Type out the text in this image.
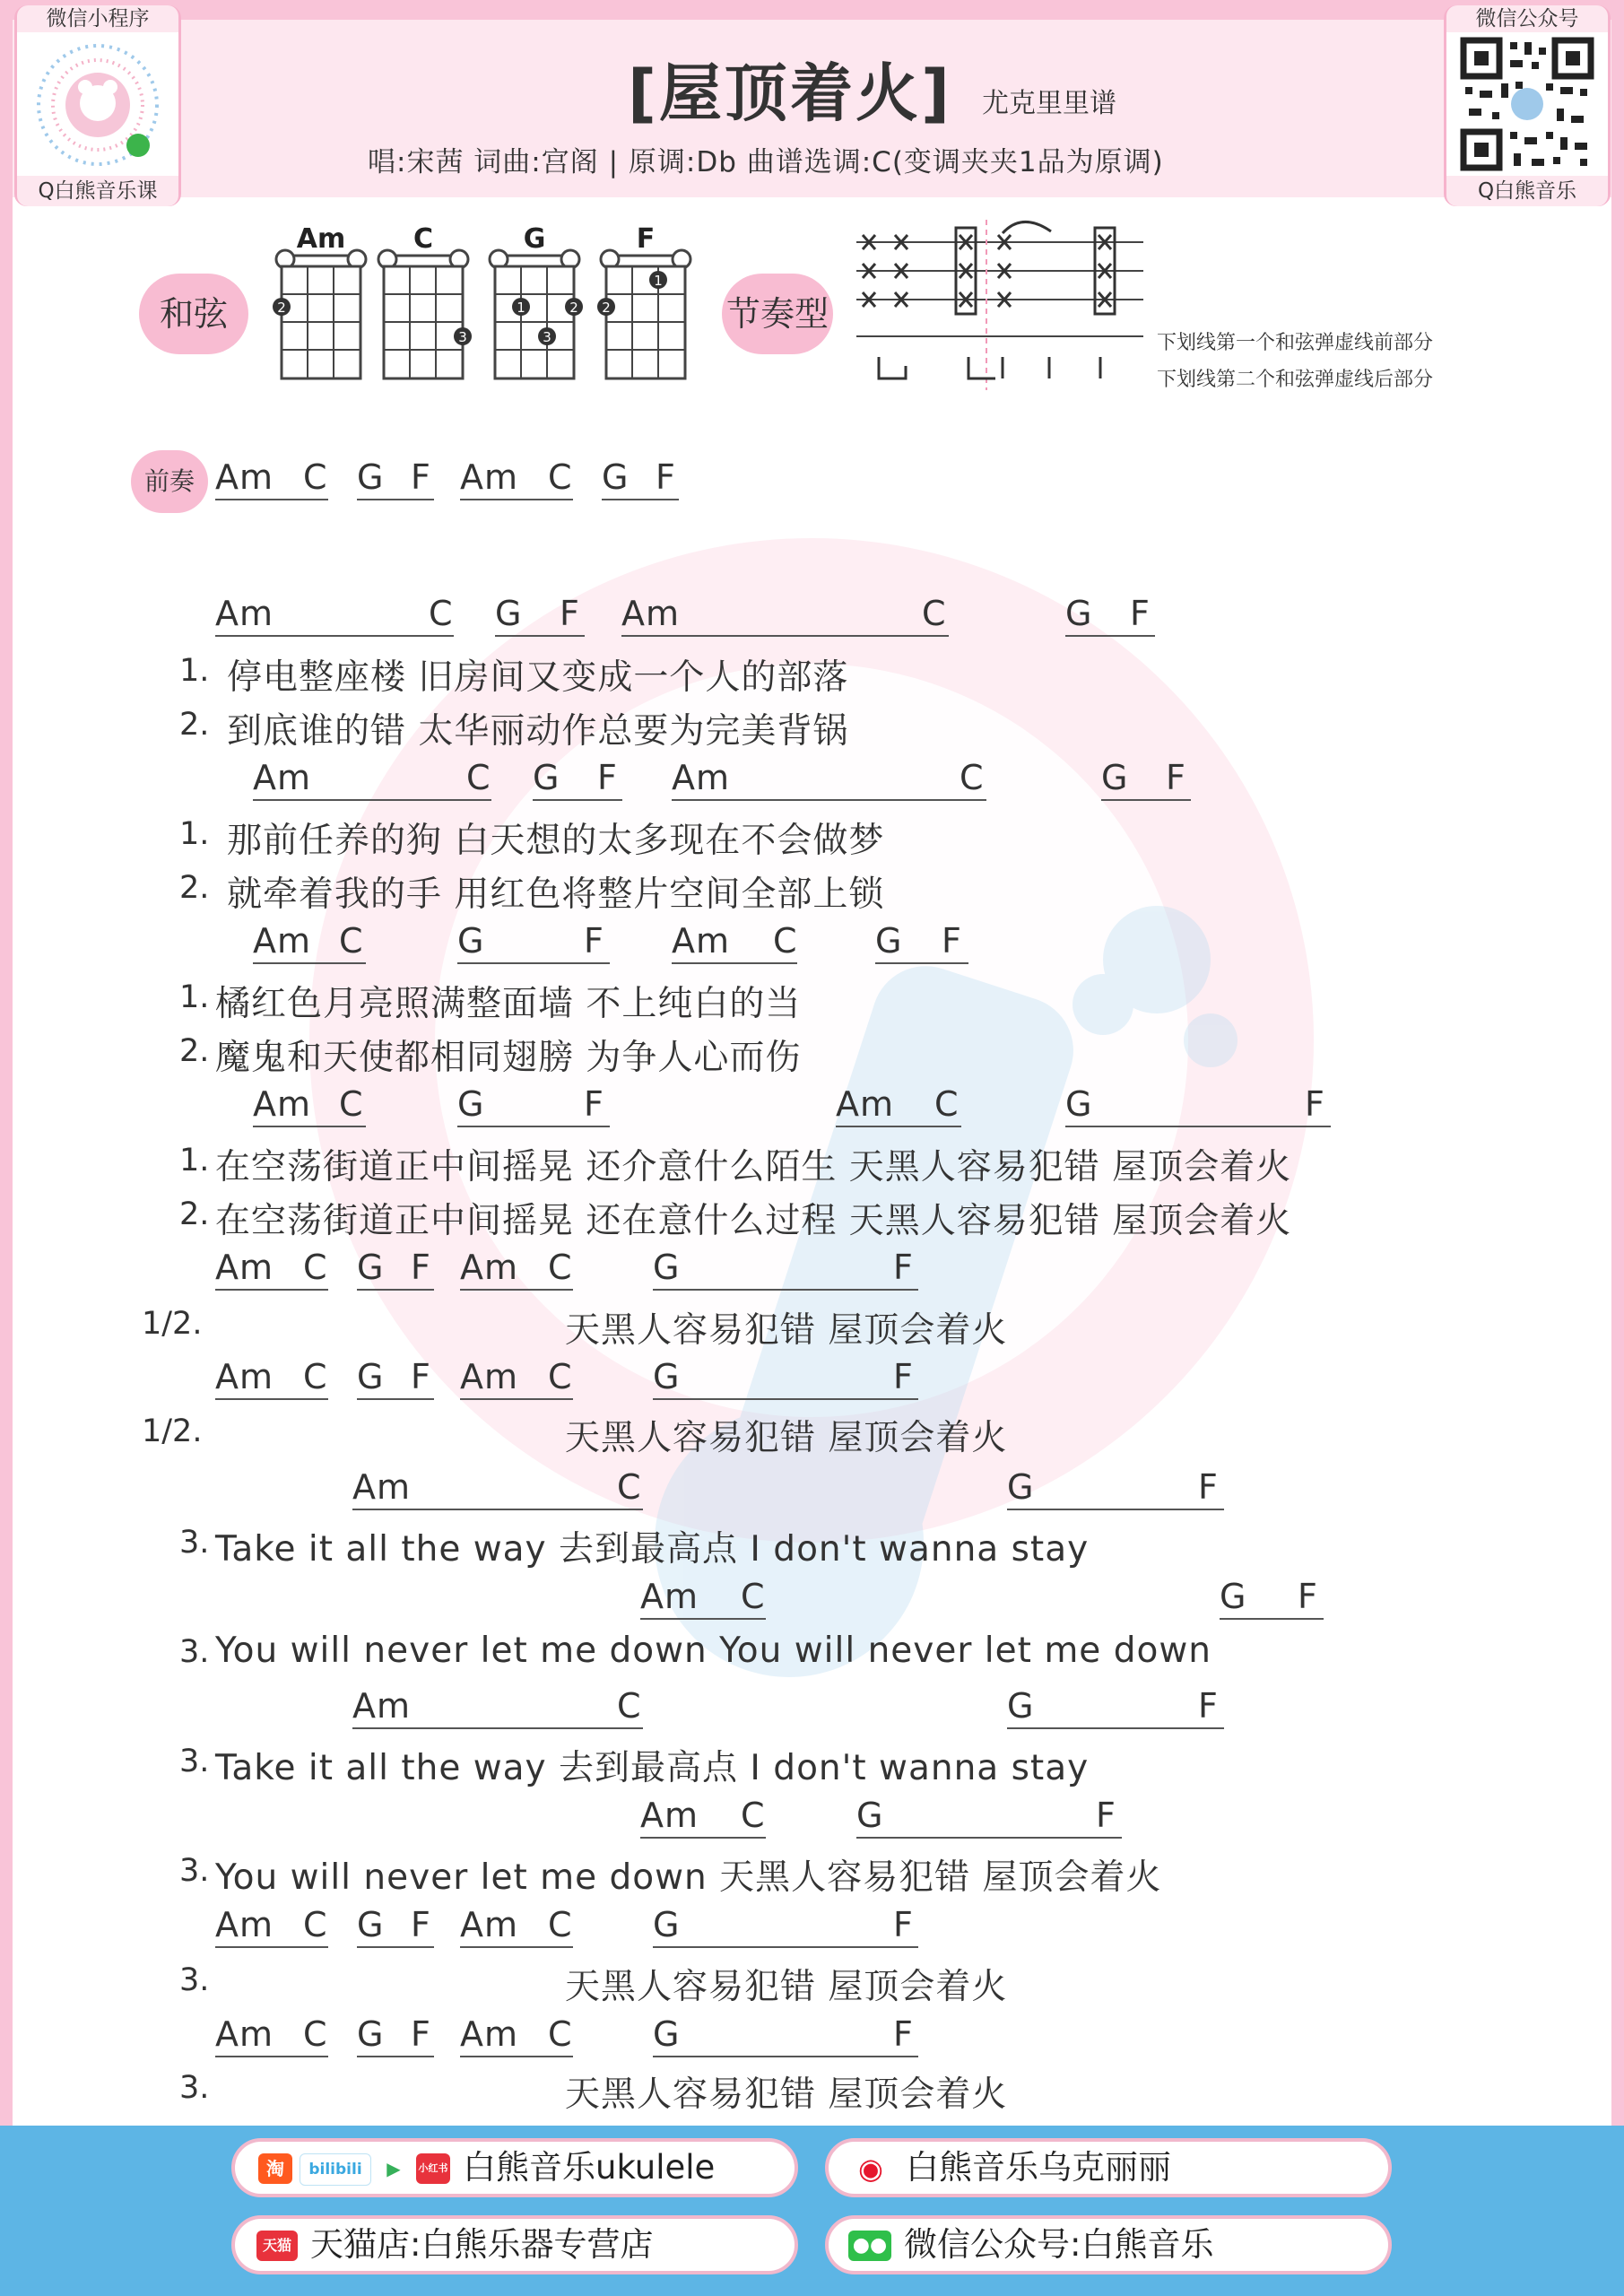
微信小程序
Q白熊音乐课
微信公众号
Q白熊音乐
[屋顶着火] 尤克里里谱
唱:宋茜 词曲:宫阁 | 原调:Db 曲谱选调:C(变调夹夹1品为原调)
和弦
Am
2
C
3
G
1	2
3
F
1
2	节奏型
下划线第一个和弦弹虚线前部分
下划线第二个和弦弹虚线后部分
前奏 Am C G F Am C G F
Am	C G F Am	C	G F
1. 停电整座楼 旧房间又变成一个人的部落
2. 到底谁的错 太华丽动作总要为完美背锅
Am	C G F Am	C	G F
1. 那前任养的狗 白天想的太多现在不会做梦
2. 就牵着我的手 用红色将整片空间全部上锁
Am C	G	F Am C G F
1. 橘红色月亮照满整面墙 不上纯白的当
2. 魔鬼和天使都相同翅膀 为争人心而伤
Am C	G	F	Am C	G	F
1. 在空荡街道正中间摇晃 还介意什么陌生 天黑人容易犯错 屋顶会着火
2. 在空荡街道正中间摇晃 还在意什么过程 天黑人容易犯错 屋顶会着火
Am C G F Am C G	F
1/2.	天黑人容易犯错 屋顶会着火
Am C G F Am C G	F
1/2.	天黑人容易犯错 屋顶会着火
Am	C	G	F
3. Take it all the way 去到最高点 I don't wanna stay
Am C	G F
3. You will never let me down You will never let me down
Am	C	G	F
3. Take it all the way 去到最高点 I don't wanna stay
Am C	G	F
3. You will never let me down 天黑人容易犯错 屋顶会着火
Am C G F Am C G	F
3.	天黑人容易犯错 屋顶会着火
Am C G F Am C G	F
3.	天黑人容易犯错 屋顶会着火
淘	bilibili	▶	小红书 白熊音乐ukulele	◉ 白熊音乐乌克丽丽
天猫 天猫店:白熊乐器专营店	●● 微信公众号:白熊音乐
